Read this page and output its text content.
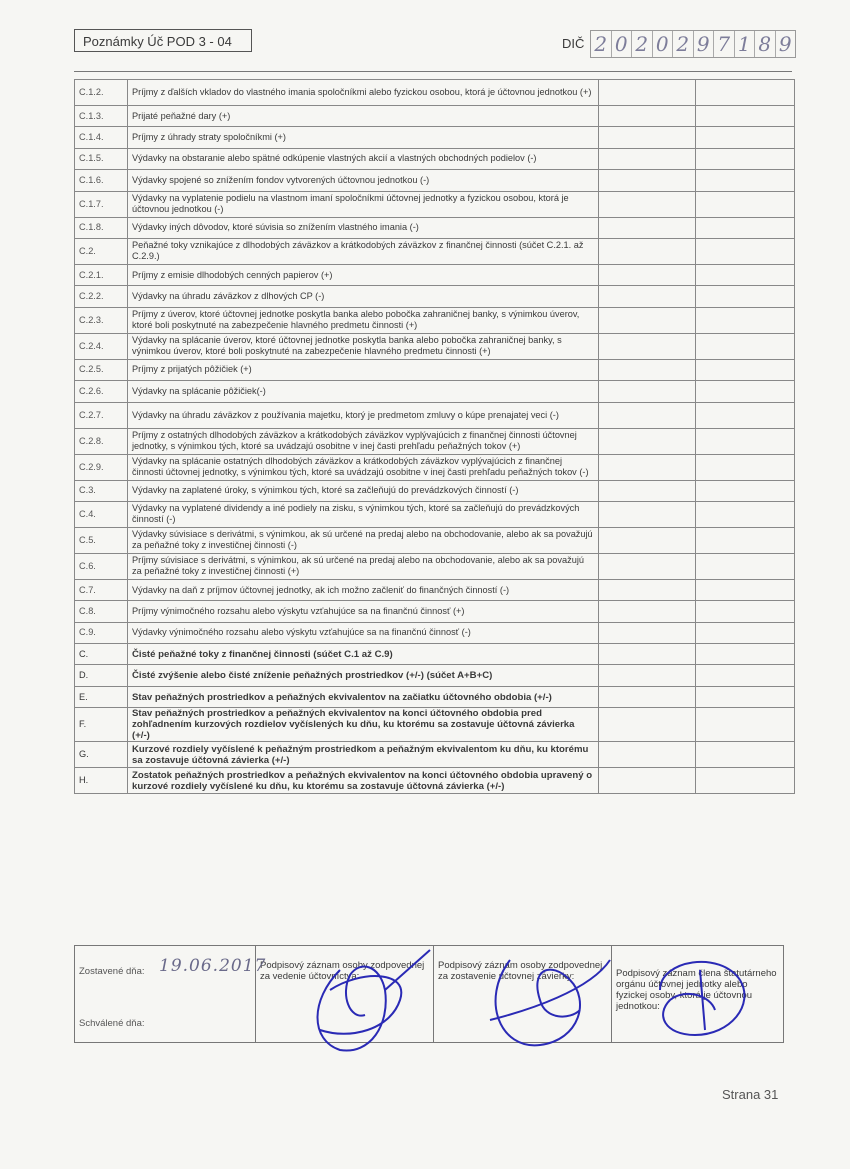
Poznámky Úč POD 3 - 04	DIČ 2 0 2 0 2 9 7 1 8 9
C.1.2.	Príjmy z ďalších vkladov do vlastného imania spoločníkmi alebo fyzickou osobou, ktorá je účtovnou jednotkou (+)		
C.1.3.	Prijaté peňažné dary (+)		
C.1.4.	Príjmy z úhrady straty spoločníkmi (+)		
C.1.5.	Výdavky na obstaranie alebo spätné odkúpenie vlastných akcií a vlastných obchodných podielov (-)		
C.1.6.	Výdavky spojené so znížením fondov vytvorených účtovnou jednotkou (-)		
C.1.7.	Výdavky na vyplatenie podielu na vlastnom imaní spoločníkmi účtovnej jednotky a fyzickou osobou, ktorá je účtovnou jednotkou (-)		
C.1.8.	Výdavky iných dôvodov, ktoré súvisia so znížením vlastného imania (-)		
C.2.	Peňažné toky vznikajúce z dlhodobých záväzkov a krátkodobých záväzkov z finančnej činnosti (súčet C.2.1. až C.2.9.)		
C.2.1.	Príjmy z emisie dlhodobých cenných papierov (+)		
C.2.2.	Výdavky na úhradu záväzkov z dlhových CP (-)		
C.2.3.	Príjmy z úverov, ktoré účtovnej jednotke poskytla banka alebo pobočka zahraničnej banky, s výnimkou úverov, ktoré boli poskytnuté na zabezpečenie hlavného predmetu činnosti (+)		
C.2.4.	Výdavky na splácanie úverov, ktoré účtovnej jednotke poskytla banka alebo pobočka zahraničnej banky, s výnimkou úverov, ktoré boli poskytnuté na zabezpečenie hlavného predmetu činnosti (+)		
C.2.5.	Príjmy z prijatých pôžičiek (+)		
C.2.6.	Výdavky na splácanie pôžičiek(-)		
C.2.7.	Výdavky na úhradu záväzkov z používania majetku, ktorý je predmetom zmluvy o kúpe prenajatej veci (-)		
C.2.8.	Príjmy z ostatných dlhodobých záväzkov a krátkodobých záväzkov vyplývajúcich z finančnej činnosti účtovnej jednotky, s výnimkou tých, ktoré sa uvádzajú osobitne v inej časti prehľadu peňažných tokov (+)		
C.2.9.	Výdavky na splácanie ostatných dlhodobých záväzkov a krátkodobých záväzkov vyplývajúcich z finančnej činnosti účtovnej jednotky, s výnimkou tých, ktoré sa uvádzajú osobitne v inej časti prehľadu peňažných tokov (-)		
C.3.	Výdavky na zaplatené úroky, s výnimkou tých, ktoré sa začleňujú do prevádzkových činností (-)		
C.4.	Výdavky na vyplatené dividendy a iné podiely na zisku, s výnimkou tých, ktoré sa začleňujú do prevádzkových činností (-)		
C.5.	Výdavky súvisiace s derivátmi, s výnimkou, ak sú určené na predaj alebo na obchodovanie, alebo ak sa považujú za peňažné toky z investičnej činnosti (-)		
C.6.	Príjmy súvisiace s derivátmi, s výnimkou, ak sú určené na predaj alebo na obchodovanie, alebo ak sa považujú za peňažné toky z investičnej činnosti (+)		
C.7.	Výdavky na daň z príjmov účtovnej jednotky, ak ich možno začleniť do finančných činností (-)		
C.8.	Príjmy výnimočného rozsahu alebo výskytu vzťahujúce sa na finančnú činnosť (+)		
C.9.	Výdavky výnimočného rozsahu alebo výskytu vzťahujúce sa na finančnú činnosť (-)		
C.	Čisté peňažné toky z finančnej činnosti (súčet C.1 až C.9)		
D.	Čisté zvýšenie alebo čisté zníženie peňažných prostriedkov (+/-) (súčet A+B+C)		
E.	Stav peňažných prostriedkov a peňažných ekvivalentov na začiatku účtovného obdobia (+/-)		
F.	Stav peňažných prostriedkov a peňažných ekvivalentov na konci účtovného obdobia pred zohľadnením kurzových rozdielov vyčíslených ku dňu, ku ktorému sa zostavuje účtovná závierka (+/-)		
G.	Kurzové rozdiely vyčíslené k peňažným prostriedkom a peňažným ekvivalentom ku dňu, ku ktorému sa zostavuje účtovná závierka (+/-)		
H.	Zostatok peňažných prostriedkov a peňažných ekvivalentov na konci účtovného obdobia upravený o kurzové rozdiely vyčíslené ku dňu, ku ktorému sa zostavuje účtovná závierka (+/-)		
Zostavené dňa: 19.06.2017
Schválené dňa:
Podpisový záznam osoby zodpovednej za vedenie účtovníctva:
Podpisový záznam osoby zodpovednej za zostavenie účtovnej závierky:	Podpisový záznam člena štatutárneho orgánu účtovnej jednotky alebo fyzickej osoby, ktorá je účtovnou jednotkou:
Strana 31
